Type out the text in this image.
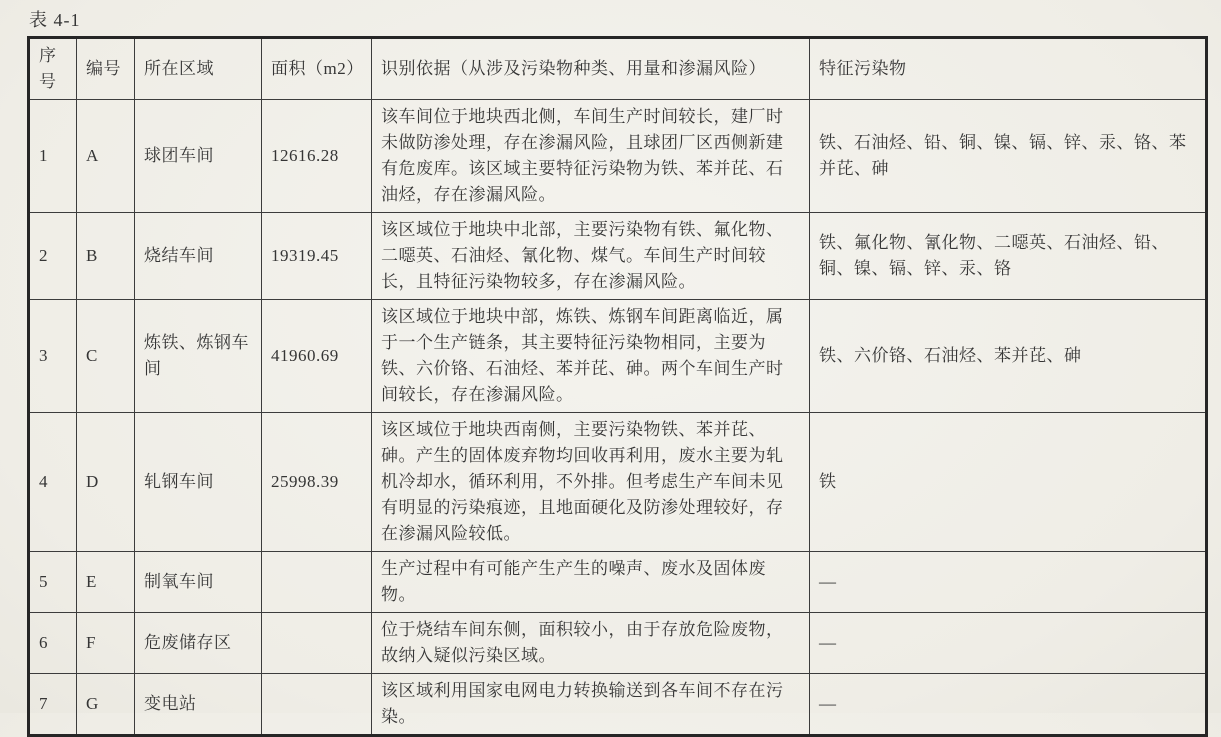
表 4-1

序号	编号	所在区域	面积（m2）	识别依据（从涉及污染物种类、用量和渗漏风险）	特征污染物
1	A	球团车间	12616.28	该车间位于地块西北侧，车间生产时间较长，建厂时未做防渗处理，存在渗漏风险，且球团厂区西侧新建有危废库。该区域主要特征污染物为铁、苯并芘、石油烃，存在渗漏风险。	铁、石油烃、铅、铜、镍、镉、锌、汞、铬、苯并芘、砷
2	B	烧结车间	19319.45	该区域位于地块中北部，主要污染物有铁、氟化物、二噁英、石油烃、氰化物、煤气。车间生产时间较长，且特征污染物较多，存在渗漏风险。	铁、氟化物、氰化物、二噁英、石油烃、铅、铜、镍、镉、锌、汞、铬
3	C	炼铁、炼钢车间	41960.69	该区域位于地块中部，炼铁、炼钢车间距离临近，属于一个生产链条，其主要特征污染物相同，主要为铁、六价铬、石油烃、苯并芘、砷。两个车间生产时间较长，存在渗漏风险。	铁、六价铬、石油烃、苯并芘、砷
4	D	轧钢车间	25998.39	该区域位于地块西南侧，主要污染物铁、苯并芘、砷。产生的固体废弃物均回收再利用，废水主要为轧机冷却水，循环利用，不外排。但考虑生产车间未见有明显的污染痕迹，且地面硬化及防渗处理较好，存在渗漏风险较低。	铁
5	E	制氧车间		生产过程中有可能产生产生的噪声、废水及固体废物。	—
6	F	危废储存区		位于烧结车间东侧，面积较小，由于存放危险废物，故纳入疑似污染区域。	—
7	G	变电站		该区域利用国家电网电力转换输送到各车间不存在污染。	—
